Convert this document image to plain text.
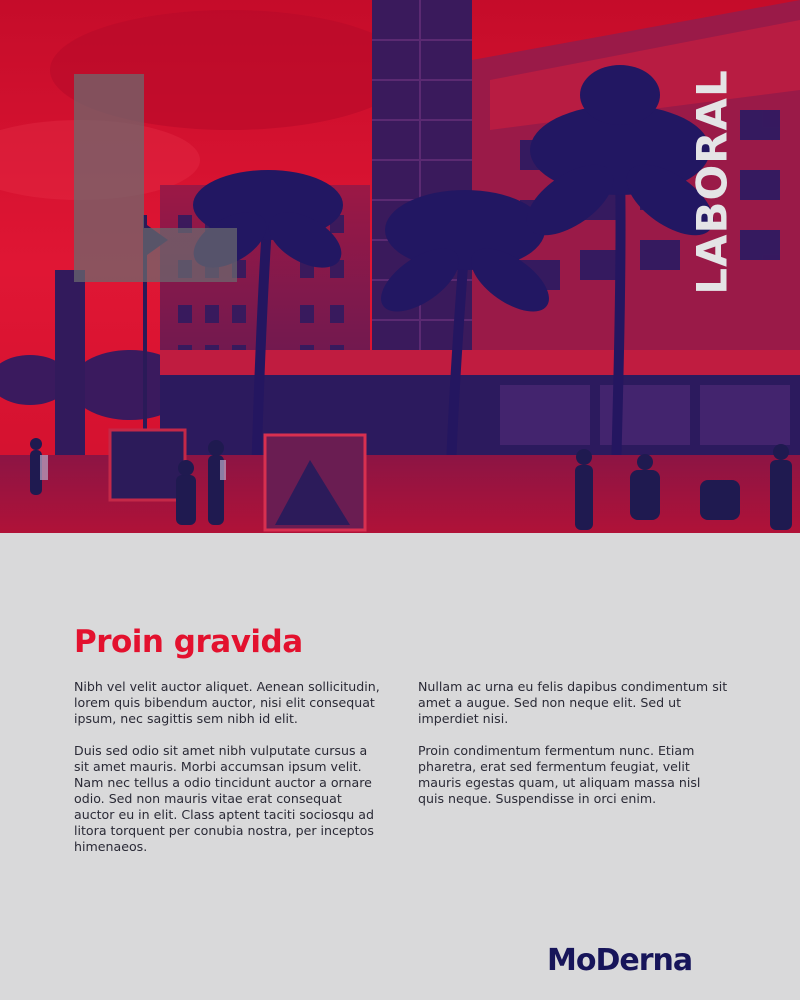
LABORAL
Proin gravida

Nibh vel velit auctor aliquet. Aenean sollicitudin, lorem quis bibendum auctor, nisi elit consequat ipsum, nec sagittis sem nibh id elit.

Duis sed odio sit amet nibh vulputate cursus a sit amet mauris. Morbi accumsan ipsum velit. Nam nec tellus a odio tincidunt auctor a ornare odio. Sed non mauris vitae erat consequat auctor eu in elit. Class aptent taciti sociosqu ad litora torquent per conubia nostra, per inceptos himenaeos.

Nullam ac urna eu felis dapibus condimentum sit amet a augue. Sed non neque elit. Sed ut imperdiet nisi.

Proin condimentum fermentum nunc. Etiam pharetra, erat sed fermentum feugiat, velit mauris egestas quam, ut aliquam massa nisl quis neque. Suspendisse in orci enim.

MoDerna
